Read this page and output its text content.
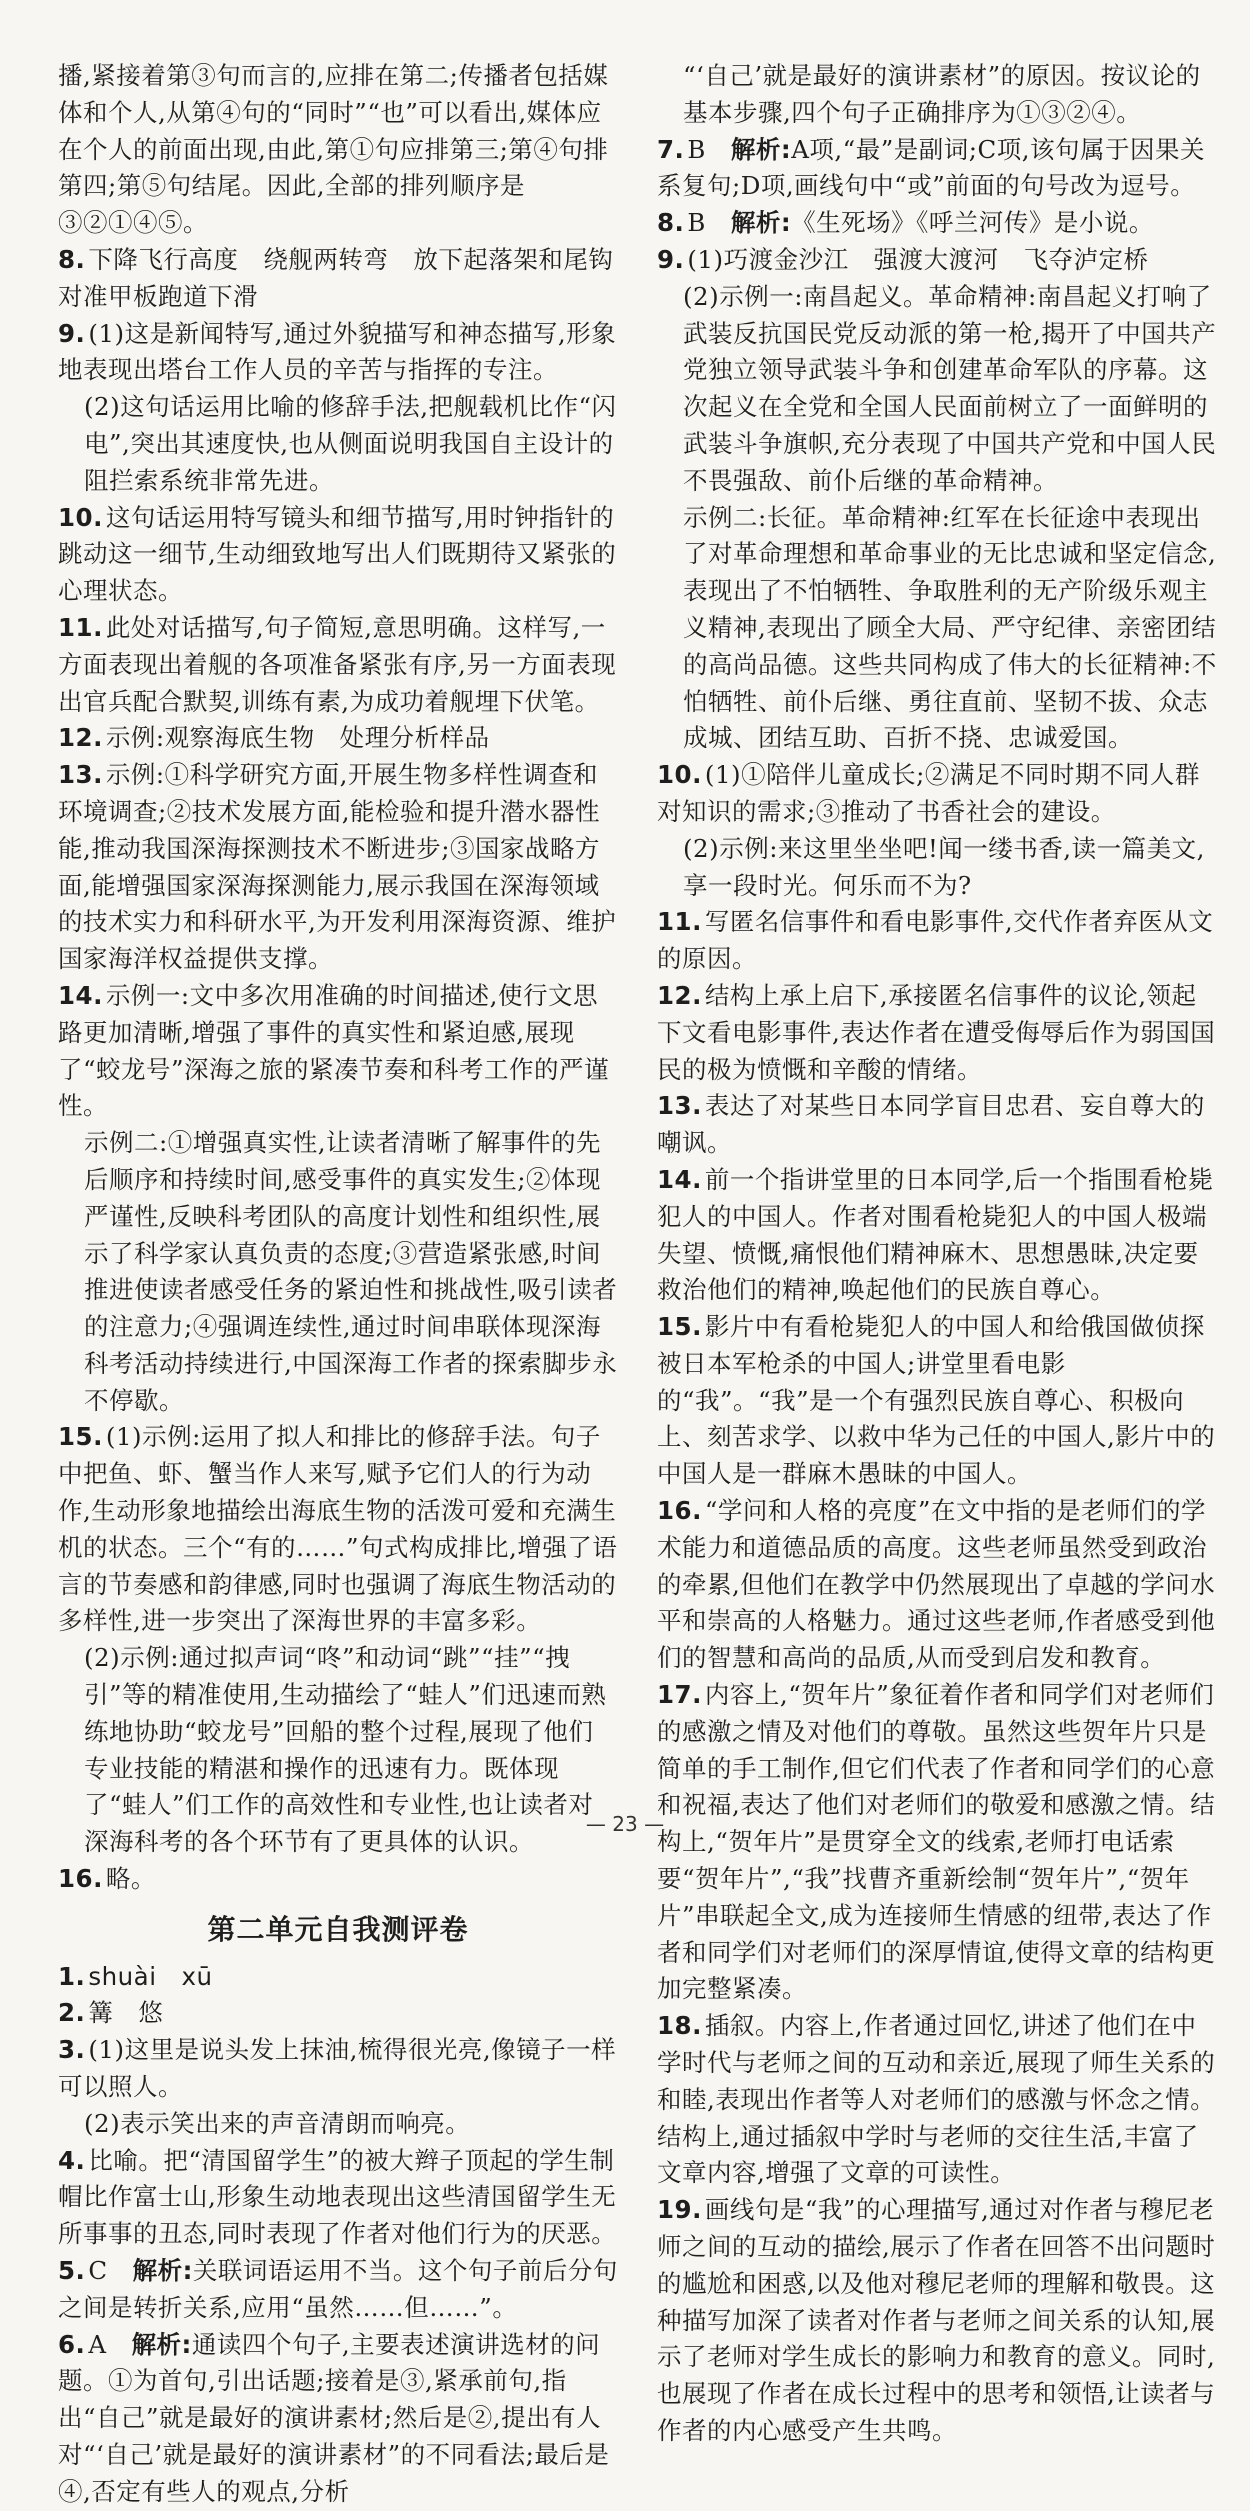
播,紧接着第③句而言的,应排在第二;传播者包括媒体和个人,从第④句的“同时”“也”可以看出,媒体应在个人的前面出现,由此,第①句应排第三;第④句排第四;第⑤句结尾。因此,全部的排列顺序是③②①④⑤。

8. 下降飞行高度　绕舰两转弯　放下起落架和尾钩　对准甲板跑道下滑
9. (1)这是新闻特写,通过外貌描写和神态描写,形象地表现出塔台工作人员的辛苦与指挥的专注。
(2)这句话运用比喻的修辞手法,把舰载机比作“闪电”,突出其速度快,也从侧面说明我国自主设计的阻拦索系统非常先进。
10. 这句话运用特写镜头和细节描写,用时钟指针的跳动这一细节,生动细致地写出人们既期待又紧张的心理状态。
11. 此处对话描写,句子简短,意思明确。这样写,一方面表现出着舰的各项准备紧张有序,另一方面表现出官兵配合默契,训练有素,为成功着舰埋下伏笔。
12. 示例:观察海底生物　处理分析样品
13. 示例:①科学研究方面,开展生物多样性调查和环境调查;②技术发展方面,能检验和提升潜水器性能,推动我国深海探测技术不断进步;③国家战略方面,能增强国家深海探测能力,展示我国在深海领域的技术实力和科研水平,为开发利用深海资源、维护国家海洋权益提供支撑。
14. 示例一:文中多次用准确的时间描述,使行文思路更加清晰,增强了事件的真实性和紧迫感,展现了“蛟龙号”深海之旅的紧凑节奏和科考工作的严谨性。
示例二:①增强真实性,让读者清晰了解事件的先后顺序和持续时间,感受事件的真实发生;②体现严谨性,反映科考团队的高度计划性和组织性,展示了科学家认真负责的态度;③营造紧张感,时间推进使读者感受任务的紧迫性和挑战性,吸引读者的注意力;④强调连续性,通过时间串联体现深海科考活动持续进行,中国深海工作者的探索脚步永不停歇。
15. (1)示例:运用了拟人和排比的修辞手法。句子中把鱼、虾、蟹当作人来写,赋予它们人的行为动作,生动形象地描绘出海底生物的活泼可爱和充满生机的状态。三个“有的……”句式构成排比,增强了语言的节奏感和韵律感,同时也强调了海底生物活动的多样性,进一步突出了深海世界的丰富多彩。
(2)示例:通过拟声词“咚”和动词“跳”“挂”“拽引”等的精准使用,生动描绘了“蛙人”们迅速而熟练地协助“蛟龙号”回船的整个过程,展现了他们专业技能的精湛和操作的迅速有力。既体现了“蛙人”们工作的高效性和专业性,也让读者对深海科考的各个环节有了更具体的认识。
16. 略。
第二单元自我测评卷
1. shuài　xū
2. 篝　悠
3. (1)这里是说头发上抹油,梳得很光亮,像镜子一样可以照人。
(2)表示笑出来的声音清朗而响亮。
4. 比喻。把“清国留学生”的被大辫子顶起的学生制帽比作富士山,形象生动地表现出这些清国留学生无所事事的丑态,同时表现了作者对他们行为的厌恶。
5. C　 解析:关联词语运用不当。这个句子前后分句之间是转折关系,应用“虽然……但……”。
6. A　 解析:通读四个句子,主要表述演讲选材的问题。①为首句,引出话题;接着是③,紧承前句,指出“自己”就是最好的演讲素材;然后是②,提出有人对“‘自己’就是最好的演讲素材”的不同看法;最后是④,否定有些人的观点,分析

“‘自己’就是最好的演讲素材”的原因。按议论的基本步骤,四个句子正确排序为①③②④。

7. B　 解析:A项,“最”是副词;C项,该句属于因果关系复句;D项,画线句中“或”前面的句号改为逗号。
8. B　 解析:《生死场》《呼兰河传》是小说。
9. (1)巧渡金沙江　强渡大渡河　飞夺泸定桥
(2)示例一:南昌起义。革命精神:南昌起义打响了武装反抗国民党反动派的第一枪,揭开了中国共产党独立领导武装斗争和创建革命军队的序幕。这次起义在全党和全国人民面前树立了一面鲜明的武装斗争旗帜,充分表现了中国共产党和中国人民不畏强敌、前仆后继的革命精神。
示例二:长征。革命精神:红军在长征途中表现出了对革命理想和革命事业的无比忠诚和坚定信念,表现出了不怕牺牲、争取胜利的无产阶级乐观主义精神,表现出了顾全大局、严守纪律、亲密团结的高尚品德。这些共同构成了伟大的长征精神:不怕牺牲、前仆后继、勇往直前、坚韧不拔、众志成城、团结互助、百折不挠、忠诚爱国。
10. (1)①陪伴儿童成长;②满足不同时期不同人群对知识的需求;③推动了书香社会的建设。
(2)示例:来这里坐坐吧!闻一缕书香,读一篇美文,享一段时光。何乐而不为?
11. 写匿名信事件和看电影事件,交代作者弃医从文的原因。
12. 结构上承上启下,承接匿名信事件的议论,领起下文看电影事件,表达作者在遭受侮辱后作为弱国国民的极为愤慨和辛酸的情绪。
13. 表达了对某些日本同学盲目忠君、妄自尊大的嘲讽。
14. 前一个指讲堂里的日本同学,后一个指围看枪毙犯人的中国人。作者对围看枪毙犯人的中国人极端失望、愤慨,痛恨他们精神麻木、思想愚昧,决定要救治他们的精神,唤起他们的民族自尊心。
15. 影片中有看枪毙犯人的中国人和给俄国做侦探被日本军枪杀的中国人;讲堂里看电影的“我”。“我”是一个有强烈民族自尊心、积极向上、刻苦求学、以救中华为己任的中国人,影片中的中国人是一群麻木愚昧的中国人。
16. “学问和人格的亮度”在文中指的是老师们的学术能力和道德品质的高度。这些老师虽然受到政治的牵累,但他们在教学中仍然展现出了卓越的学问水平和崇高的人格魅力。通过这些老师,作者感受到他们的智慧和高尚的品质,从而受到启发和教育。
17. 内容上,“贺年片”象征着作者和同学们对老师们的感激之情及对他们的尊敬。虽然这些贺年片只是简单的手工制作,但它们代表了作者和同学们的心意和祝福,表达了他们对老师们的敬爱和感激之情。结构上,“贺年片”是贯穿全文的线索,老师打电话索要“贺年片”,“我”找曹齐重新绘制“贺年片”,“贺年片”串联起全文,成为连接师生情感的纽带,表达了作者和同学们对老师们的深厚情谊,使得文章的结构更加完整紧凑。
18. 插叙。内容上,作者通过回忆,讲述了他们在中学时代与老师之间的互动和亲近,展现了师生关系的和睦,表现出作者等人对老师们的感激与怀念之情。结构上,通过插叙中学时与老师的交往生活,丰富了文章内容,增强了文章的可读性。
19. 画线句是“我”的心理描写,通过对作者与穆尼老师之间的互动的描绘,展示了作者在回答不出问题时的尴尬和困惑,以及他对穆尼老师的理解和敬畏。这种描写加深了读者对作者与老师之间关系的认知,展示了老师对学生成长的影响力和教育的意义。同时,也展现了作者在成长过程中的思考和领悟,让读者与作者的内心感受产生共鸣。
— 23 —
